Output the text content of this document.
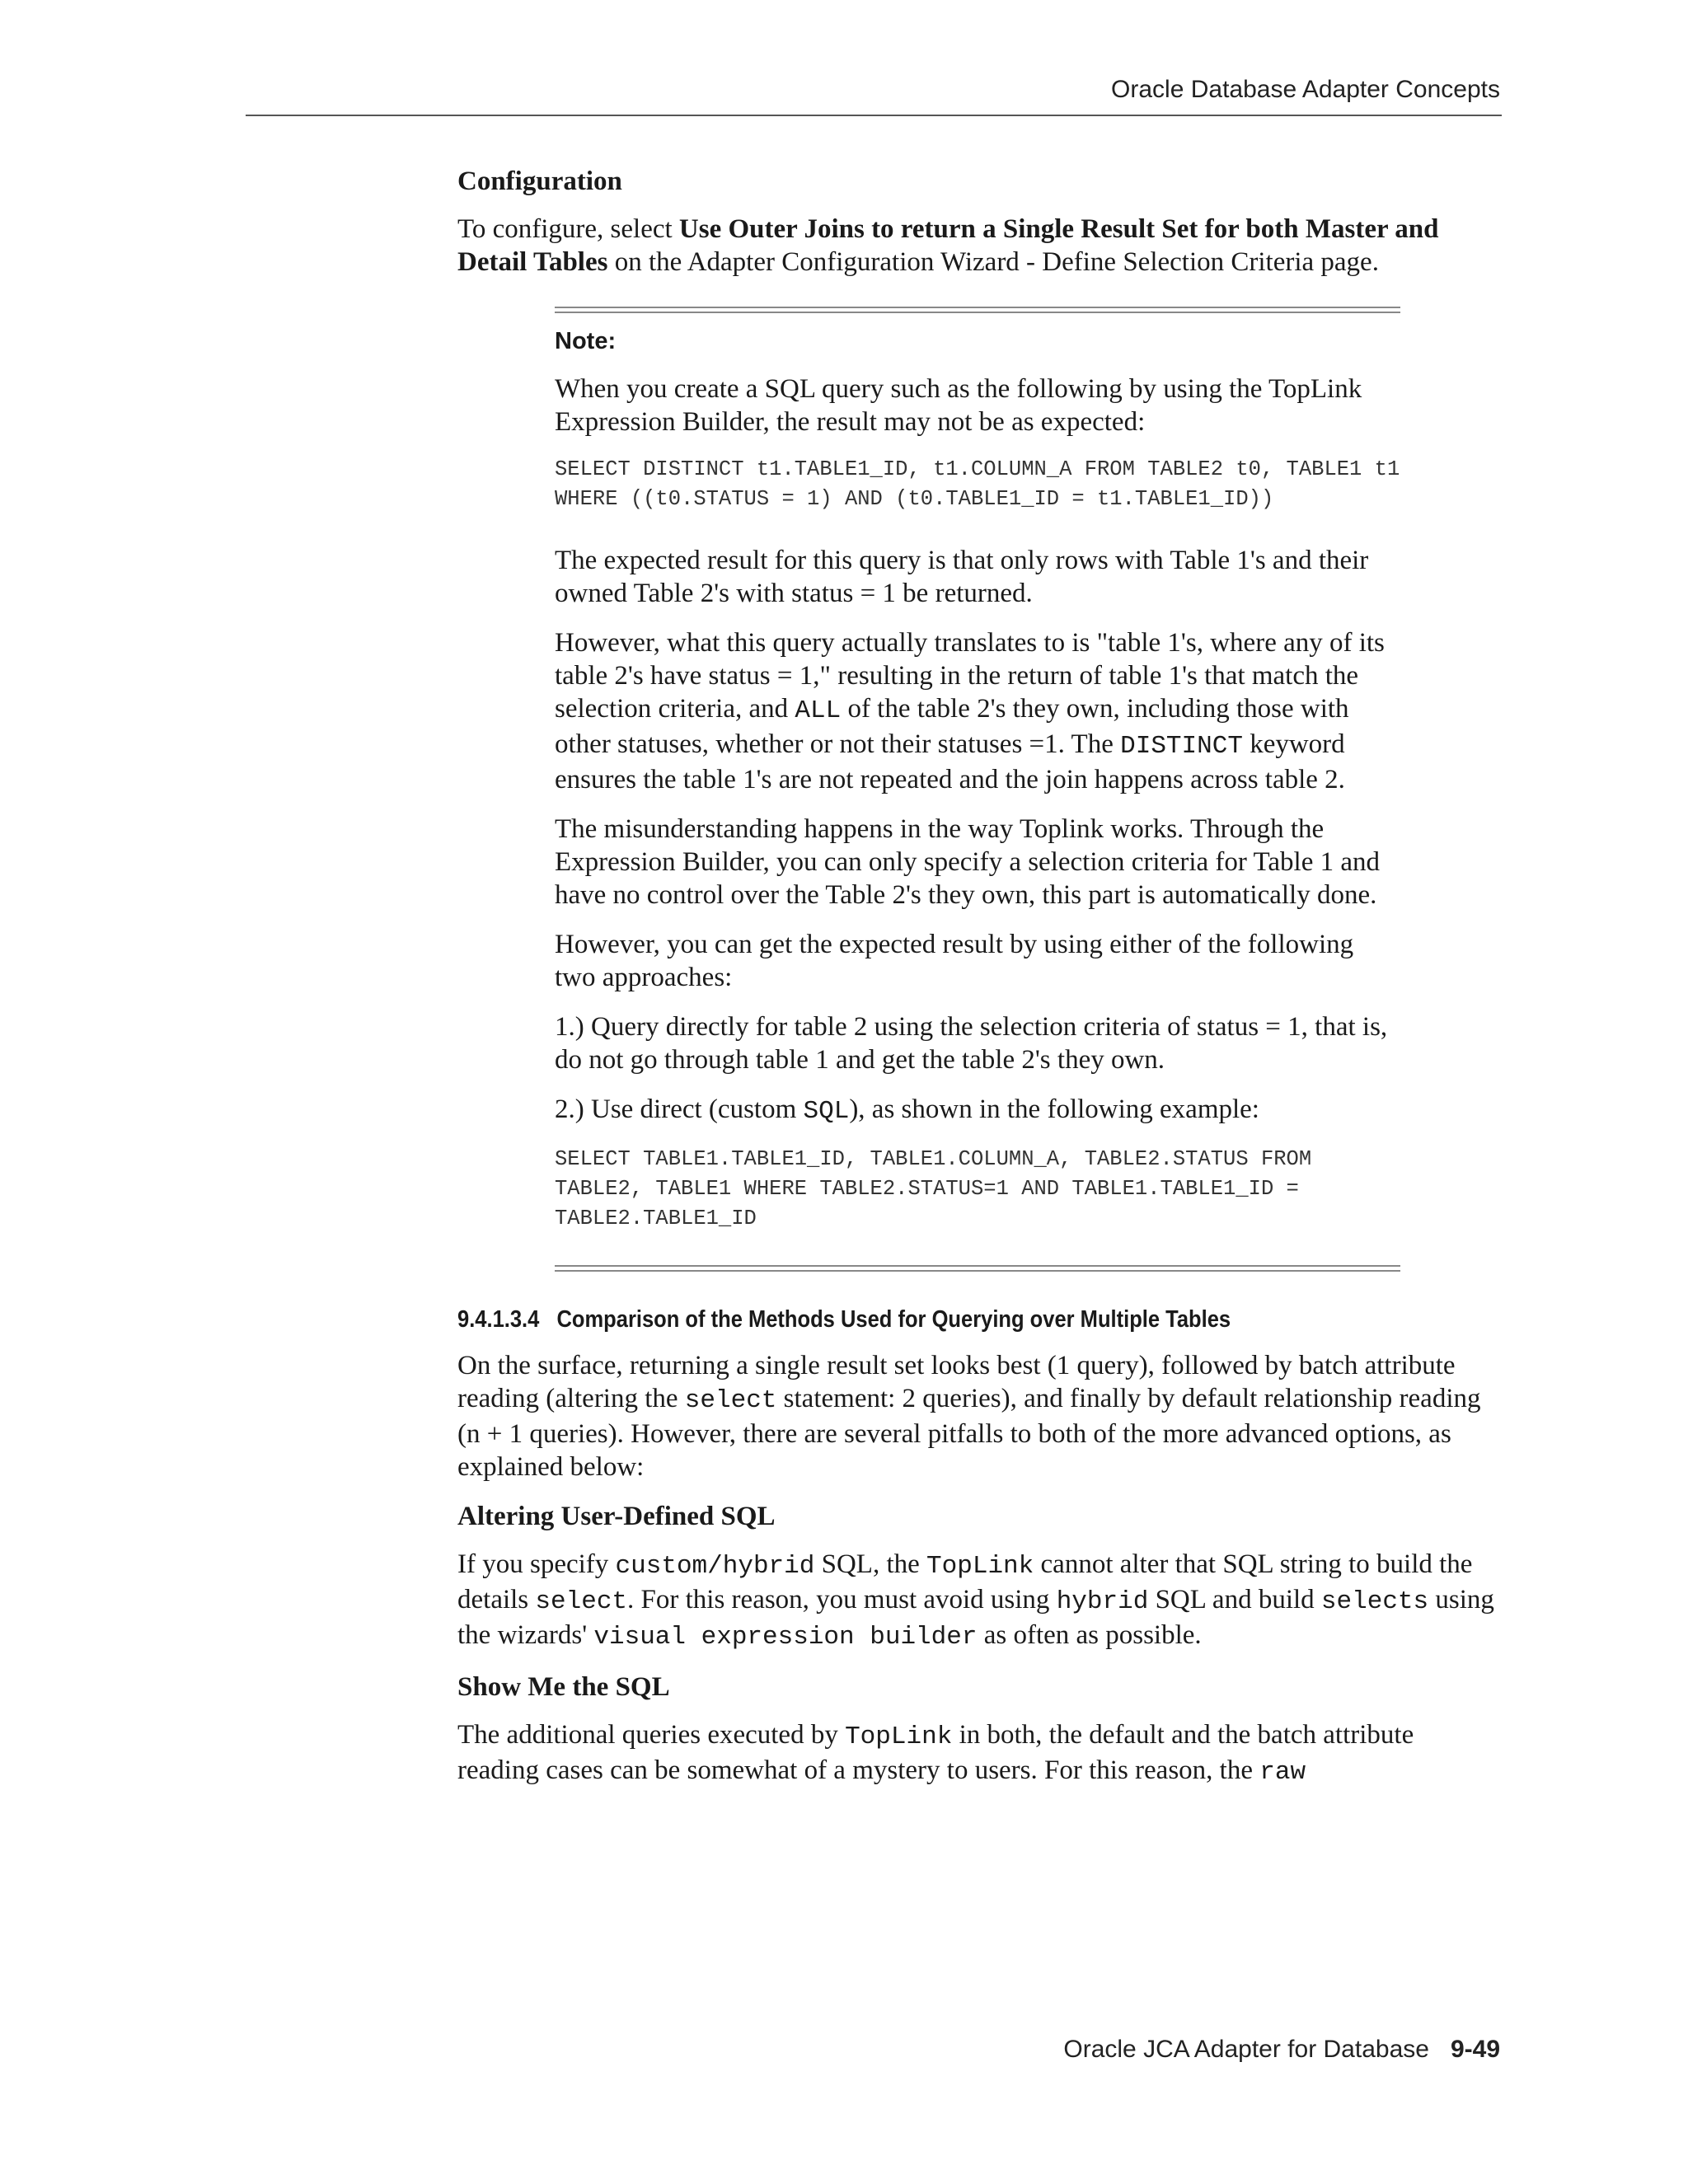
Oracle Database Adapter Concepts
Configuration

To configure, select Use Outer Joins to return a Single Result Set for both Master and Detail Tables on the Adapter Configuration Wizard - Define Selection Criteria page.

Note:

When you create a SQL query such as the following by using the TopLink Expression Builder, the result may not be as expected:

SELECT DISTINCT t1.TABLE1_ID, t1.COLUMN_A FROM TABLE2 t0, TABLE1 t1
WHERE ((t0.STATUS = 1) AND (t0.TABLE1_ID = t1.TABLE1_ID))

The expected result for this query is that only rows with Table 1's and their owned Table 2's with status = 1 be returned.

However, what this query actually translates to is "table 1's, where any of its table 2's have status = 1," resulting in the return of table 1's that match the selection criteria, and ALL of the table 2's they own, including those with other statuses, whether or not their statuses =1. The DISTINCT keyword ensures the table 1's are not repeated and the join happens across table 2.

The misunderstanding happens in the way Toplink works. Through the Expression Builder, you can only specify a selection criteria for Table 1 and have no control over the Table 2's they own, this part is automatically done.

However, you can get the expected result by using either of the following two approaches:

1.) Query directly for table 2 using the selection criteria of status = 1, that is, do not go through table 1 and get the table 2's they own.

2.) Use direct (custom SQL), as shown in the following example:

SELECT TABLE1.TABLE1_ID, TABLE1.COLUMN_A, TABLE2.STATUS FROM
TABLE2, TABLE1 WHERE TABLE2.STATUS=1 AND TABLE1.TABLE1_ID =
TABLE2.TABLE1_ID
9.4.1.3.4 Comparison of the Methods Used for Querying over Multiple Tables

On the surface, returning a single result set looks best (1 query), followed by batch attribute reading (altering the select statement: 2 queries), and finally by default relationship reading (n + 1 queries). However, there are several pitfalls to both of the more advanced options, as explained below:

Altering User-Defined SQL

If you specify custom/hybrid SQL, the TopLink cannot alter that SQL string to build the details select. For this reason, you must avoid using hybrid SQL and build selects using the wizards' visual expression builder as often as possible.

Show Me the SQL

The additional queries executed by TopLink in both, the default and the batch attribute reading cases can be somewhat of a mystery to users. For this reason, the raw

Oracle JCA Adapter for Database 9-49
